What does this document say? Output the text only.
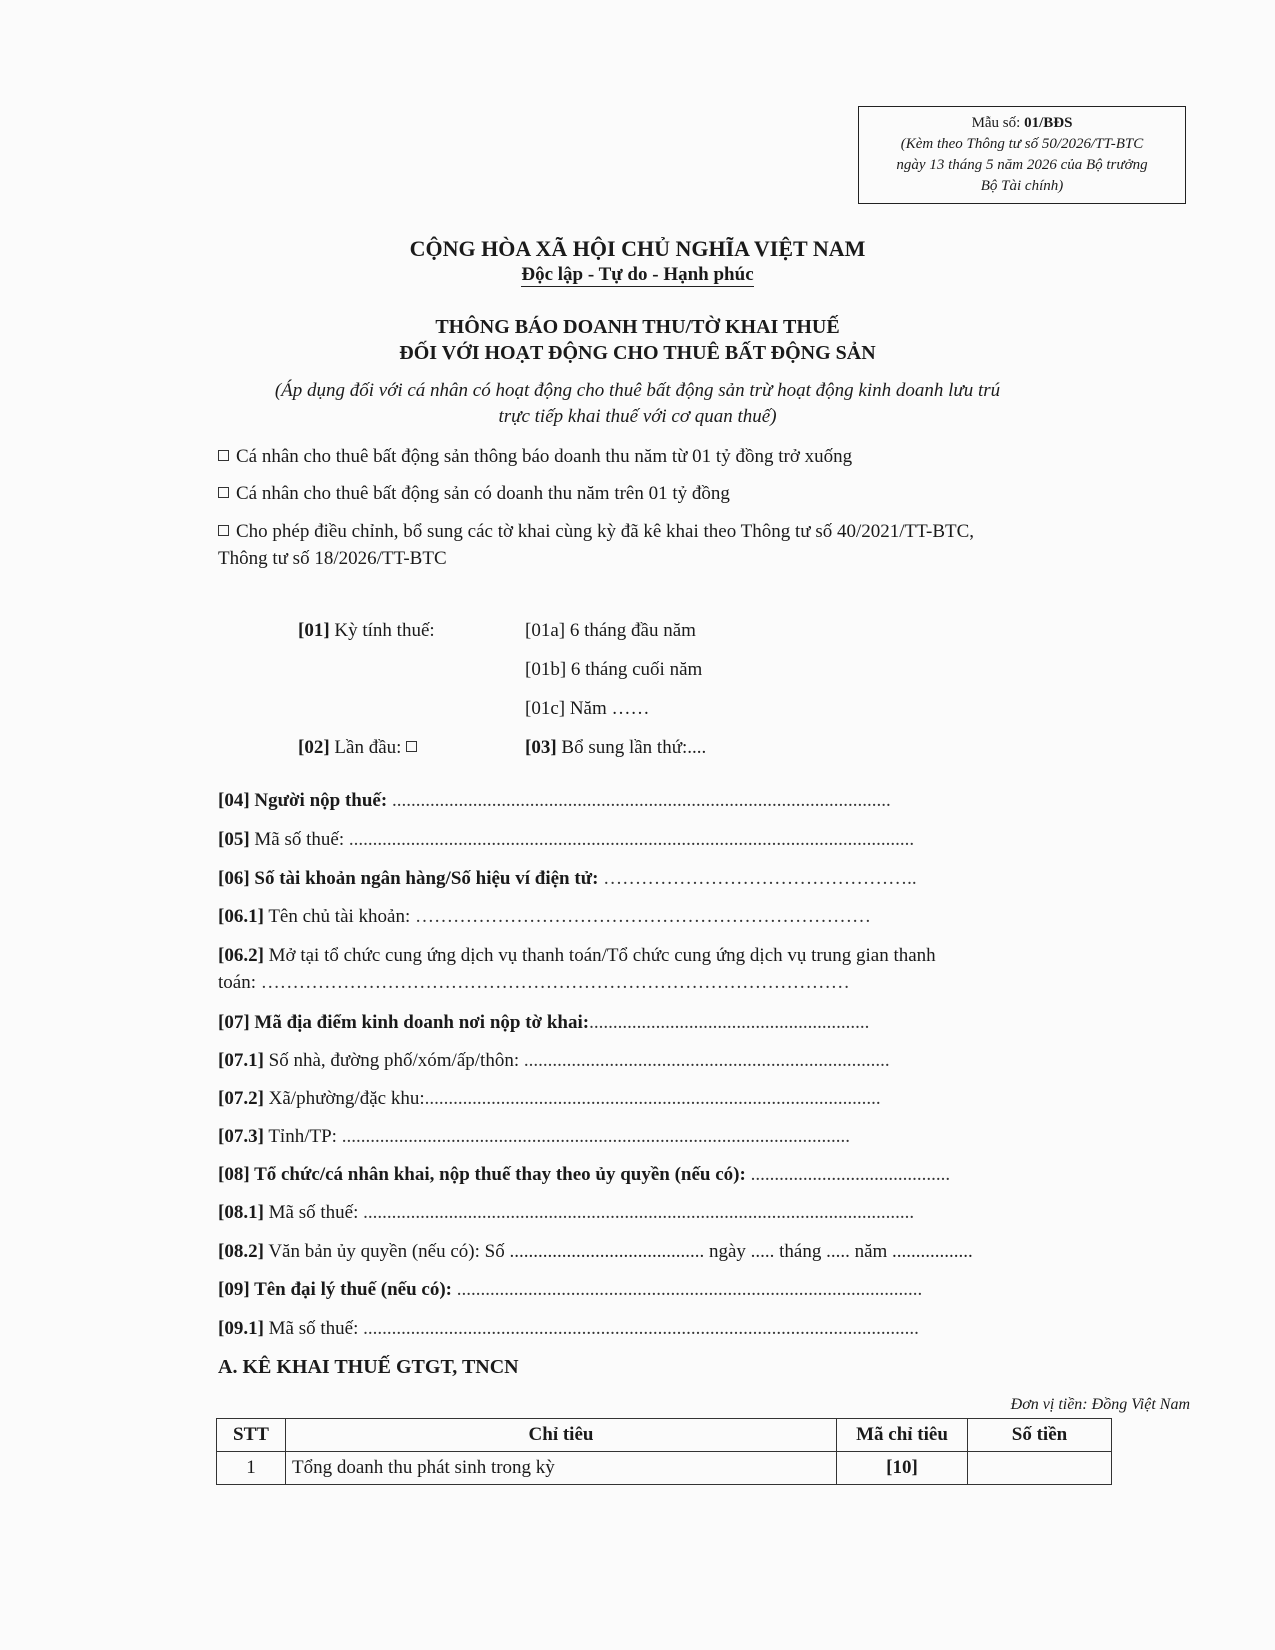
Mẫu số: 01/BĐS
(Kèm theo Thông tư số 50/2026/TT-BTC
ngày 13 tháng 5 năm 2026 của Bộ trưởng
Bộ Tài chính)
CỘNG HÒA XÃ HỘI CHỦ NGHĨA VIỆT NAM
Độc lập - Tự do - Hạnh phúc
THÔNG BÁO DOANH THU/TỜ KHAI THUẾ
ĐỐI VỚI HOẠT ĐỘNG CHO THUÊ BẤT ĐỘNG SẢN
(Áp dụng đối với cá nhân có hoạt động cho thuê bất động sản trừ hoạt động kinh doanh lưu trú
trực tiếp khai thuế với cơ quan thuế)
Cá nhân cho thuê bất động sản thông báo doanh thu năm từ 01 tỷ đồng trở xuống
Cá nhân cho thuê bất động sản có doanh thu năm trên 01 tỷ đồng
Cho phép điều chỉnh, bổ sung các tờ khai cùng kỳ đã kê khai theo Thông tư số 40/2021/TT-BTC,
Thông tư số 18/2026/TT-BTC
[01] Kỳ tính thuế:	[01a] 6 tháng đầu năm
[01b] 6 tháng cuối năm
[01c] Năm ……
[02] Lần đầu:	[03] Bổ sung lần thứ:....
[04] Người nộp thuế: .........................................................................................................
[05] Mã số thuế: .......................................................................................................................
[06] Số tài khoản ngân hàng/Số hiệu ví điện tử: …………………………………………..
[06.1] Tên chủ tài khoản: ………………………………………………………………
[06.2] Mở tại tổ chức cung ứng dịch vụ thanh toán/Tổ chức cung ứng dịch vụ trung gian thanh
toán: …………………………………………………………………………………
[07] Mã địa điểm kinh doanh nơi nộp tờ khai:...........................................................
[07.1] Số nhà, đường phố/xóm/ấp/thôn: .............................................................................
[07.2] Xã/phường/đặc khu:................................................................................................
[07.3] Tỉnh/TP: ...........................................................................................................
[08] Tổ chức/cá nhân khai, nộp thuế thay theo ủy quyền (nếu có): ..........................................
[08.1] Mã số thuế: ....................................................................................................................
[08.2] Văn bản ủy quyền (nếu có): Số ......................................... ngày ..... tháng ..... năm .................
[09] Tên đại lý thuế (nếu có): ..................................................................................................
[09.1] Mã số thuế: .....................................................................................................................
A. KÊ KHAI THUẾ GTGT, TNCN
Đơn vị tiền: Đồng Việt Nam
STT	Chỉ tiêu	Mã chỉ tiêu	Số tiền
1	Tổng doanh thu phát sinh trong kỳ	[10]	
